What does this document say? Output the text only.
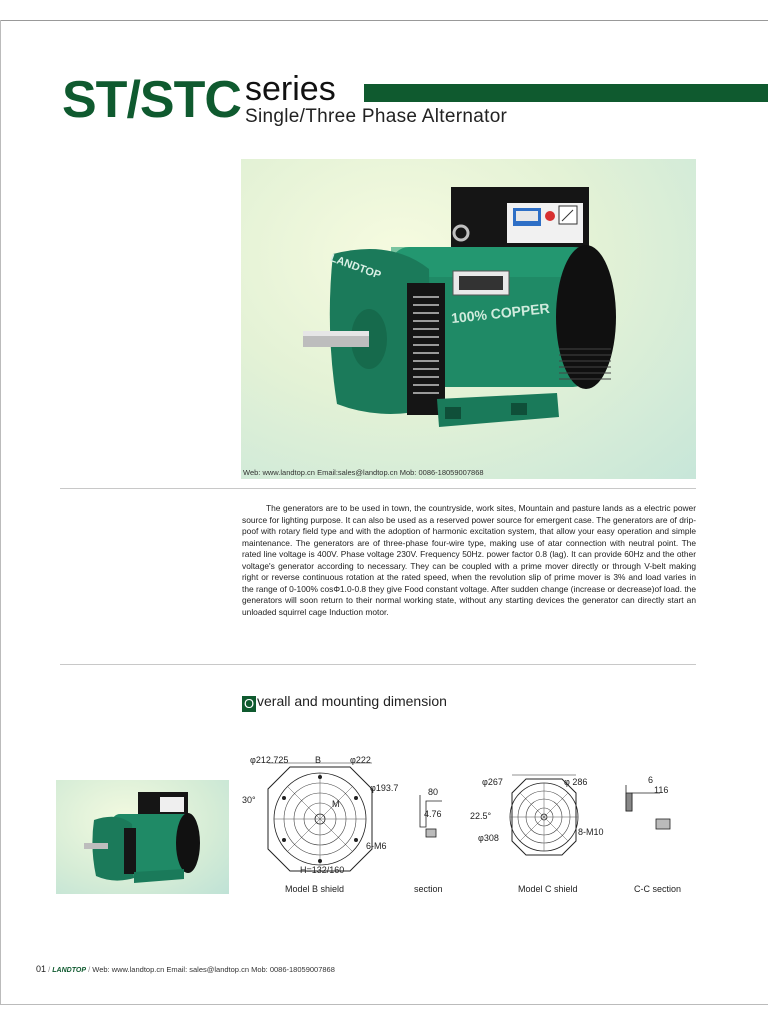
ST/STC series
Single/Three Phase Alternator
LANDTOP
100% COPPER
Web: www.landtop.cn Email:sales@landtop.cn Mob: 0086-18059007868

The generators are to be used in town, the countryside, work sites, Mountain and pasture lands as a electric power source for lighting purpose. It can also be used as a reserved power source for emergent case. The generators are of drip-poof with rotary field type and with the adoption of harmonic excitation system, that allow your easy operation and simple maintenance. The generators are of three-phase four-wire type, making use of atar connection with neutral point. The rated line voltage is 400V. Phase voltage 230V. Frequency 50Hz. power factor 0.8 (lag). It can provide 60Hz and the other voltage's generator according to necessary. They can be coupled with a prime mover directly or through V-belt making right or reverse continuous rotation at the rated speed, when the revolution slip of prime mover is 3% and load varies in the range of 0-100% cosΦ1.0-0.8 they give Food constant voltage. After sudden change (increase or decrease)of load. the generators will soon return to their normal working state, without any starting devices the generator can directly start an unloaded squirrel cage Induction motor.

O verall and mounting dimension
φ212.725	B	φ222
φ193.7
M
30°
6-M6
H=132/160
80
4.76
φ267	φ 286
22.5°
φ308
8-M10
6
116
Model B shield	section	Model C shield	C-C section
01 / LANDTOP / Web: www.landtop.cn Email: sales@landtop.cn Mob: 0086-18059007868
